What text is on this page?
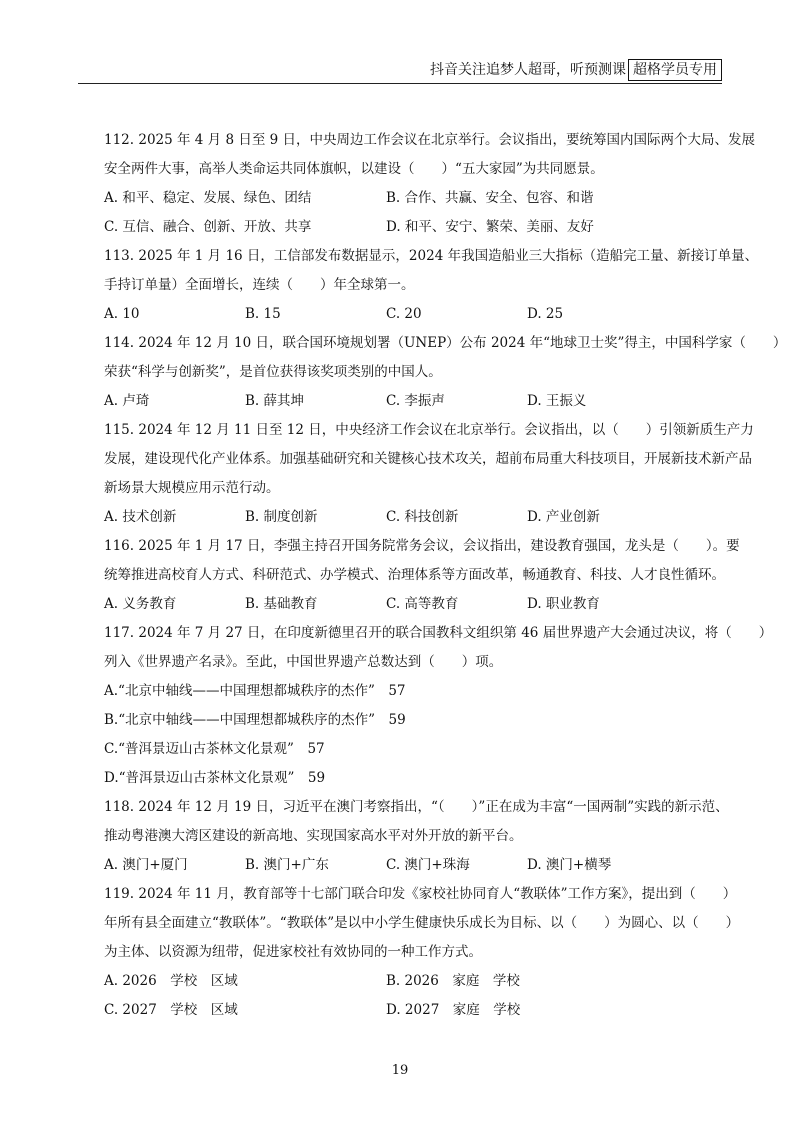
抖音关注追梦人超哥，听预测课 超格学员专用
112. 2025 年 4 月 8 日至 9 日，中央周边工作会议在北京举行。会议指出，要统筹国内国际两个大局、发展
安全两件大事，高举人类命运共同体旗帜，以建设（　　）“五大家园”为共同愿景。
A. 和平、稳定、发展、绿色、团结	B. 合作、共赢、安全、包容、和谐
C. 互信、融合、创新、开放、共享	D. 和平、安宁、繁荣、美丽、友好
113. 2025 年 1 月 16 日，工信部发布数据显示，2024 年我国造船业三大指标（造船完工量、新接订单量、
手持订单量）全面增长，连续（　　）年全球第一。
A. 10	B. 15	C. 20	D. 25
114. 2024 年 12 月 10 日，联合国环境规划署（UNEP）公布 2024 年“地球卫士奖”得主，中国科学家（　　）
荣获“科学与创新奖”，是首位获得该奖项类别的中国人。
A. 卢琦	B. 薛其坤	C. 李振声	D. 王振义
115. 2024 年 12 月 11 日至 12 日，中央经济工作会议在北京举行。会议指出，以（　　）引领新质生产力
发展，建设现代化产业体系。加强基础研究和关键核心技术攻关，超前布局重大科技项目，开展新技术新产品
新场景大规模应用示范行动。
A. 技术创新	B. 制度创新	C. 科技创新	D. 产业创新
116. 2025 年 1 月 17 日，李强主持召开国务院常务会议，会议指出，建设教育强国，龙头是（　　）。要
统筹推进高校育人方式、科研范式、办学模式、治理体系等方面改革，畅通教育、科技、人才良性循环。
A. 义务教育	B. 基础教育	C. 高等教育	D. 职业教育
117. 2024 年 7 月 27 日，在印度新德里召开的联合国教科文组织第 46 届世界遗产大会通过决议，将（　　）
列入《世界遗产名录》。至此，中国世界遗产总数达到（　　）项。
A.“北京中轴线——中国理想都城秩序的杰作”　57
B.“北京中轴线——中国理想都城秩序的杰作”　59
C.“普洱景迈山古茶林文化景观”　57
D.“普洱景迈山古茶林文化景观”　59
118. 2024 年 12 月 19 日，习近平在澳门考察指出，“（　　）”正在成为丰富“一国两制”实践的新示范、
推动粤港澳大湾区建设的新高地、实现国家高水平对外开放的新平台。
A. 澳门+厦门	B. 澳门+广东	C. 澳门+珠海	D. 澳门+横琴
119. 2024 年 11 月，教育部等十七部门联合印发《家校社协同育人“教联体”工作方案》，提出到（　　）
年所有县全面建立“教联体”。“教联体”是以中小学生健康快乐成长为目标、以（　　）为圆心、以（　　）
为主体、以资源为纽带，促进家校社有效协同的一种工作方式。
A. 2026　学校　区域	B. 2026　家庭　学校
C. 2027　学校　区域	D. 2027　家庭　学校
19
